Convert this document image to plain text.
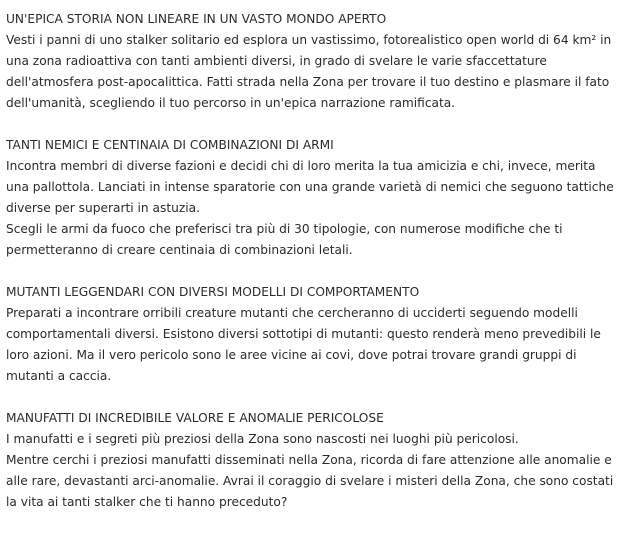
UN'EPICA STORIA NON LINEARE IN UN VASTO MONDO APERTO

Vesti i panni di uno stalker solitario ed esplora un vastissimo, fotorealistico open world di 64 km² in una zona radioattiva con tanti ambienti diversi, in grado di svelare le varie sfaccettature dell'atmosfera post-apocalittica. Fatti strada nella Zona per trovare il tuo destino e plasmare il fato dell'umanità, scegliendo il tuo percorso in un'epica narrazione ramificata.

TANTI NEMICI E CENTINAIA DI COMBINAZIONI DI ARMI

Incontra membri di diverse fazioni e decidi chi di loro merita la tua amicizia e chi, invece, merita una pallottola. Lanciati in intense sparatorie con una grande varietà di nemici che seguono tattiche diverse per superarti in astuzia.

Scegli le armi da fuoco che preferisci tra più di 30 tipologie, con numerose modifiche che ti permetteranno di creare centinaia di combinazioni letali.

MUTANTI LEGGENDARI CON DIVERSI MODELLI DI COMPORTAMENTO

Preparati a incontrare orribili creature mutanti che cercheranno di ucciderti seguendo modelli comportamentali diversi. Esistono diversi sottotipi di mutanti: questo renderà meno prevedibili le loro azioni. Ma il vero pericolo sono le aree vicine ai covi, dove potrai trovare grandi gruppi di mutanti a caccia.

MANUFATTI DI INCREDIBILE VALORE E ANOMALIE PERICOLOSE

I manufatti e i segreti più preziosi della Zona sono nascosti nei luoghi più pericolosi.

Mentre cerchi i preziosi manufatti disseminati nella Zona, ricorda di fare attenzione alle anomalie e alle rare, devastanti arci-anomalie. Avrai il coraggio di svelare i misteri della Zona, che sono costati la vita ai tanti stalker che ti hanno preceduto?
